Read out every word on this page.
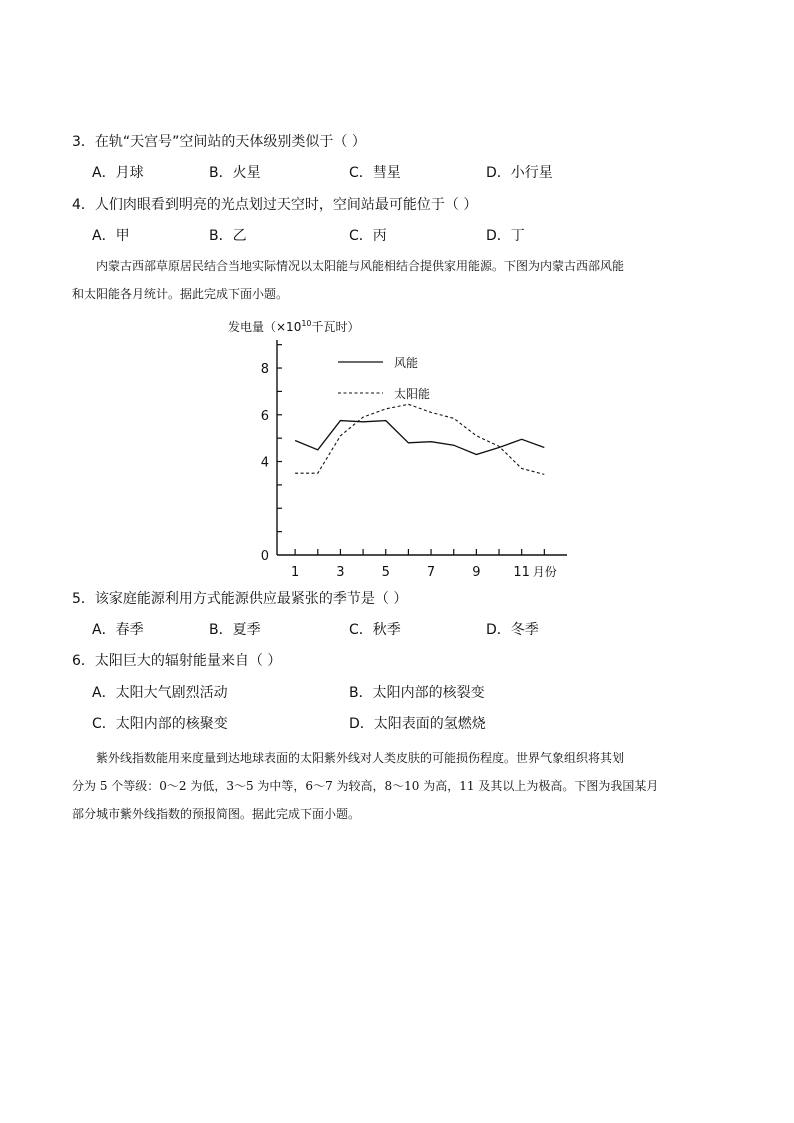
3．在轨“天宫号”空间站的天体级别类似于（ ）
A．月球	B．火星	C．彗星	D．小行星
4．人们肉眼看到明亮的光点划过天空时，空间站最可能位于（ ）
A．甲	B．乙	C．丙	D．丁
内蒙古西部草原居民结合当地实际情况以太阳能与风能相结合提供家用能源。下图为内蒙古西部风能
和太阳能各月统计。据此完成下面小题。
0
4
6
8
1	3	5	7	9	11 月份
发电量（$\times 10^{10}$千瓦时）
风能
太阳能
5．该家庭能源利用方式能源供应最紧张的季节是（ ）
A．春季	B．夏季	C．秋季	D．冬季
6．太阳巨大的辐射能量来自（ ）
A．太阳大气剧烈活动	B．太阳内部的核裂变
C．太阳内部的核聚变	D．太阳表面的氢燃烧
紫外线指数能用来度量到达地球表面的太阳紫外线对人类皮肤的可能损伤程度。世界气象组织将其划
分为 5 个等级：0～2 为低，3～5 为中等，6～7 为较高，8～10 为高，11 及其以上为极高。下图为我国某月
部分城市紫外线指数的预报简图。据此完成下面小题。
